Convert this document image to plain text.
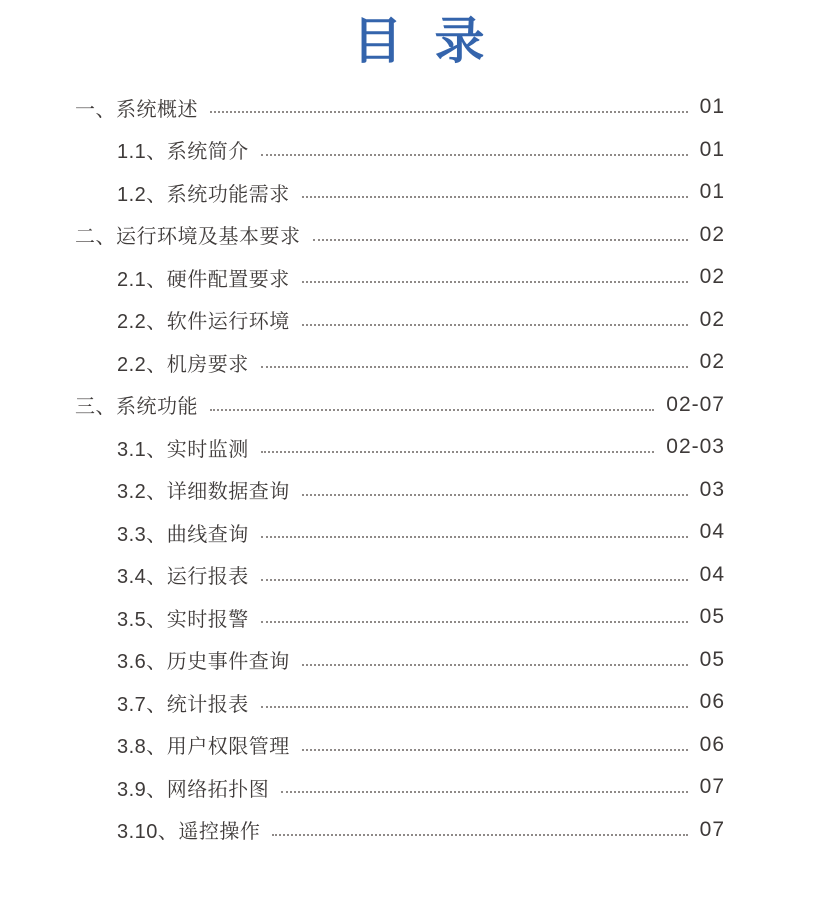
目 录
一、系统概述	01
1.1、系统简介	01
1.2、系统功能需求	01
二、运行环境及基本要求	02
2.1、硬件配置要求	02
2.2、软件运行环境	02
2.2、机房要求	02
三、系统功能	02-07
3.1、实时监测	02-03
3.2、详细数据查询	03
3.3、曲线查询	04
3.4、运行报表	04
3.5、实时报警	05
3.6、历史事件查询	05
3.7、统计报表	06
3.8、用户权限管理	06
3.9、网络拓扑图	07
3.10、遥控操作	07
